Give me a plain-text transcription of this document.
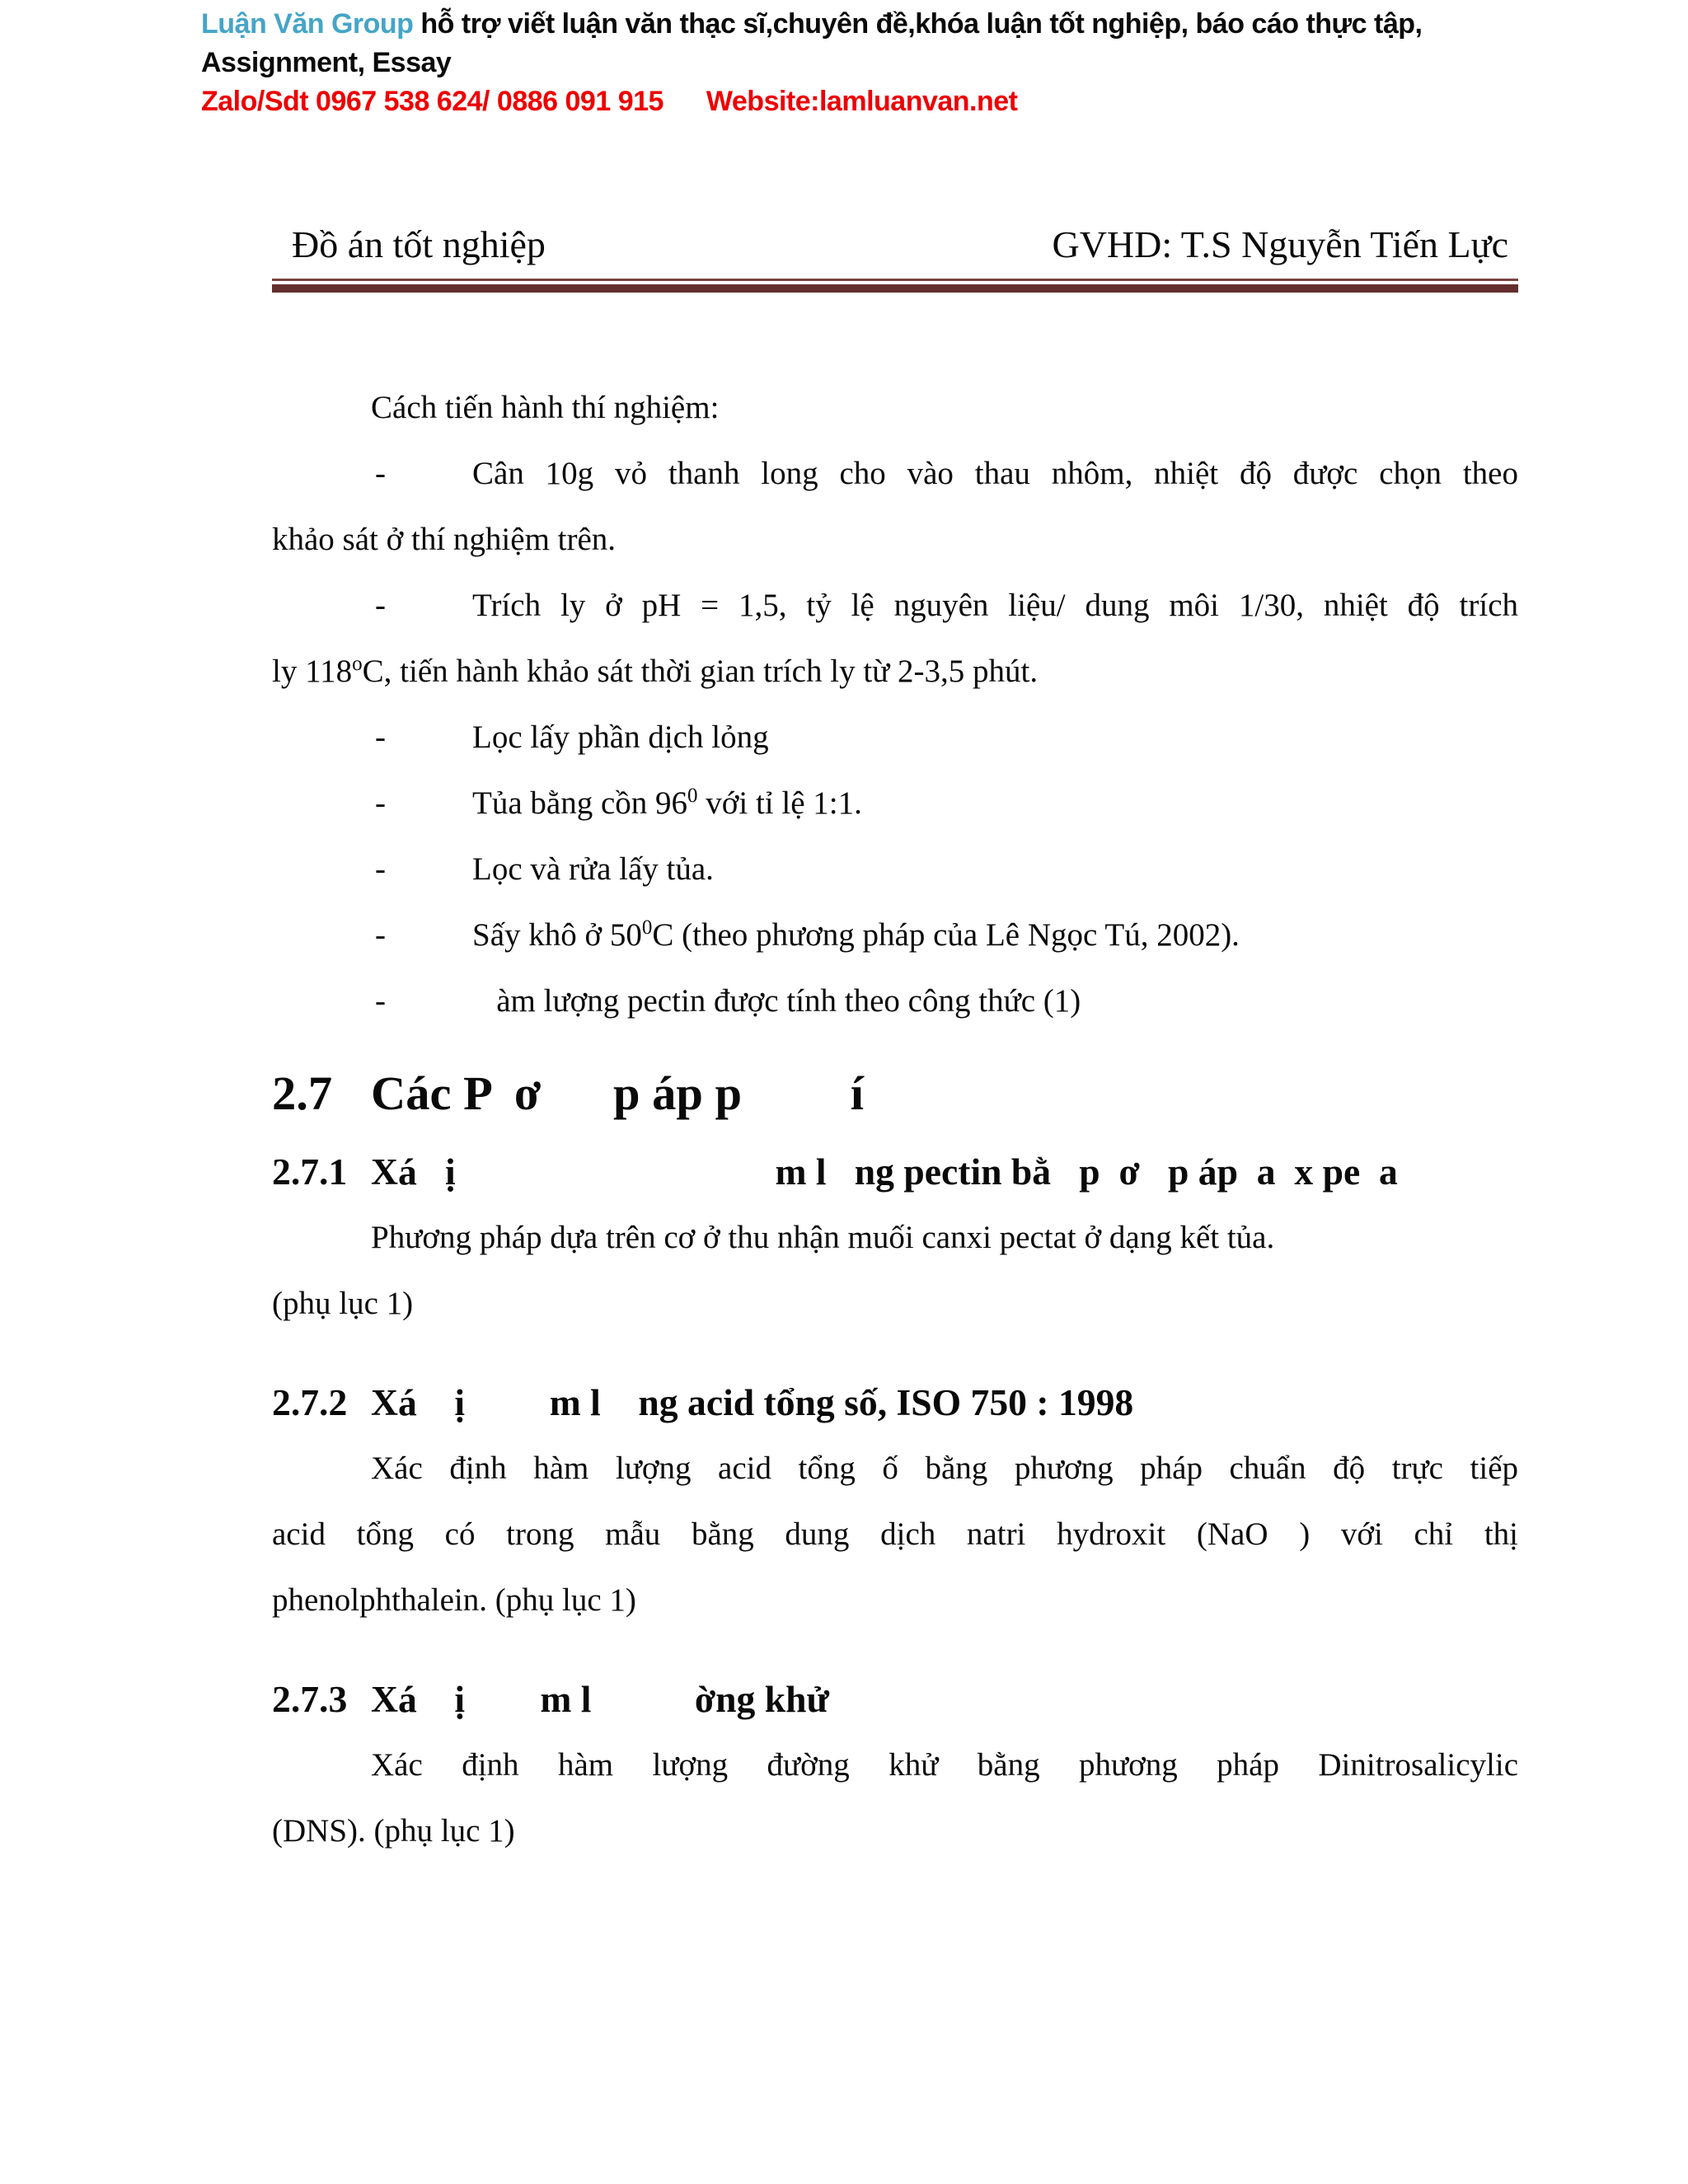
Luận Văn Group hỗ trợ viết luận văn thạc sĩ,chuyên đề,khóa luận tốt nghiệp, báo cáo thực tập,
Assignment, Essay
Zalo/Sdt 0967 538 624/ 0886 091 915 Website:lamluanvan.net
Đồ án tốt nghiệp	GVHD: T.S Nguyễn Tiến Lực

Cách tiến hành thí nghiệm:

-	Cân 10g vỏ thanh long cho vào thau nhôm, nhiệt độ được chọn theo

khảo sát ở thí nghiệm trên.

-	Trích ly ở pH = 1,5, tỷ lệ nguyên liệu/ dung môi 1/30, nhiệt độ trích

ly 118$^o$C, tiến hành khảo sát thời gian trích ly từ 2-3,5 phút.

-	Lọc lấy phần dịch lỏng
-	Tủa bằng cồn $96^0$ với tỉ lệ 1:1.
-	Lọc và rửa lấy tủa.
-	Sấy khô ở $50^0C$ (theo phương pháp của Lê Ngọc Tú, 2002).
-	àm lượng pectin được tính theo công thức (1)
2.7 Các P  ơ      p áp p         í
2.7.1 Xá   ị                                  m l   ng pectin bằ   p  ơ   p áp  a  x pe  a

Phương pháp dựa trên cơ ở thu nhận muối canxi pectat ở dạng kết tủa.

(phụ lục 1)

2.7.2 Xá    ị         m l    ng acid tổng số, ISO 750 : 1998

Xác định hàm lượng acid tổng ố bằng phương pháp chuẩn độ trực tiếp

acid tổng có trong mẫu bằng dung dịch natri hydroxit (NaO ) với chỉ thị

phenolphthalein. (phụ lục 1)

2.7.3 Xá    ị        m l           ờng khử

Xác định hàm lượng đường khử bằng phương pháp Dinitrosalicylic

(DNS). (phụ lục 1)
